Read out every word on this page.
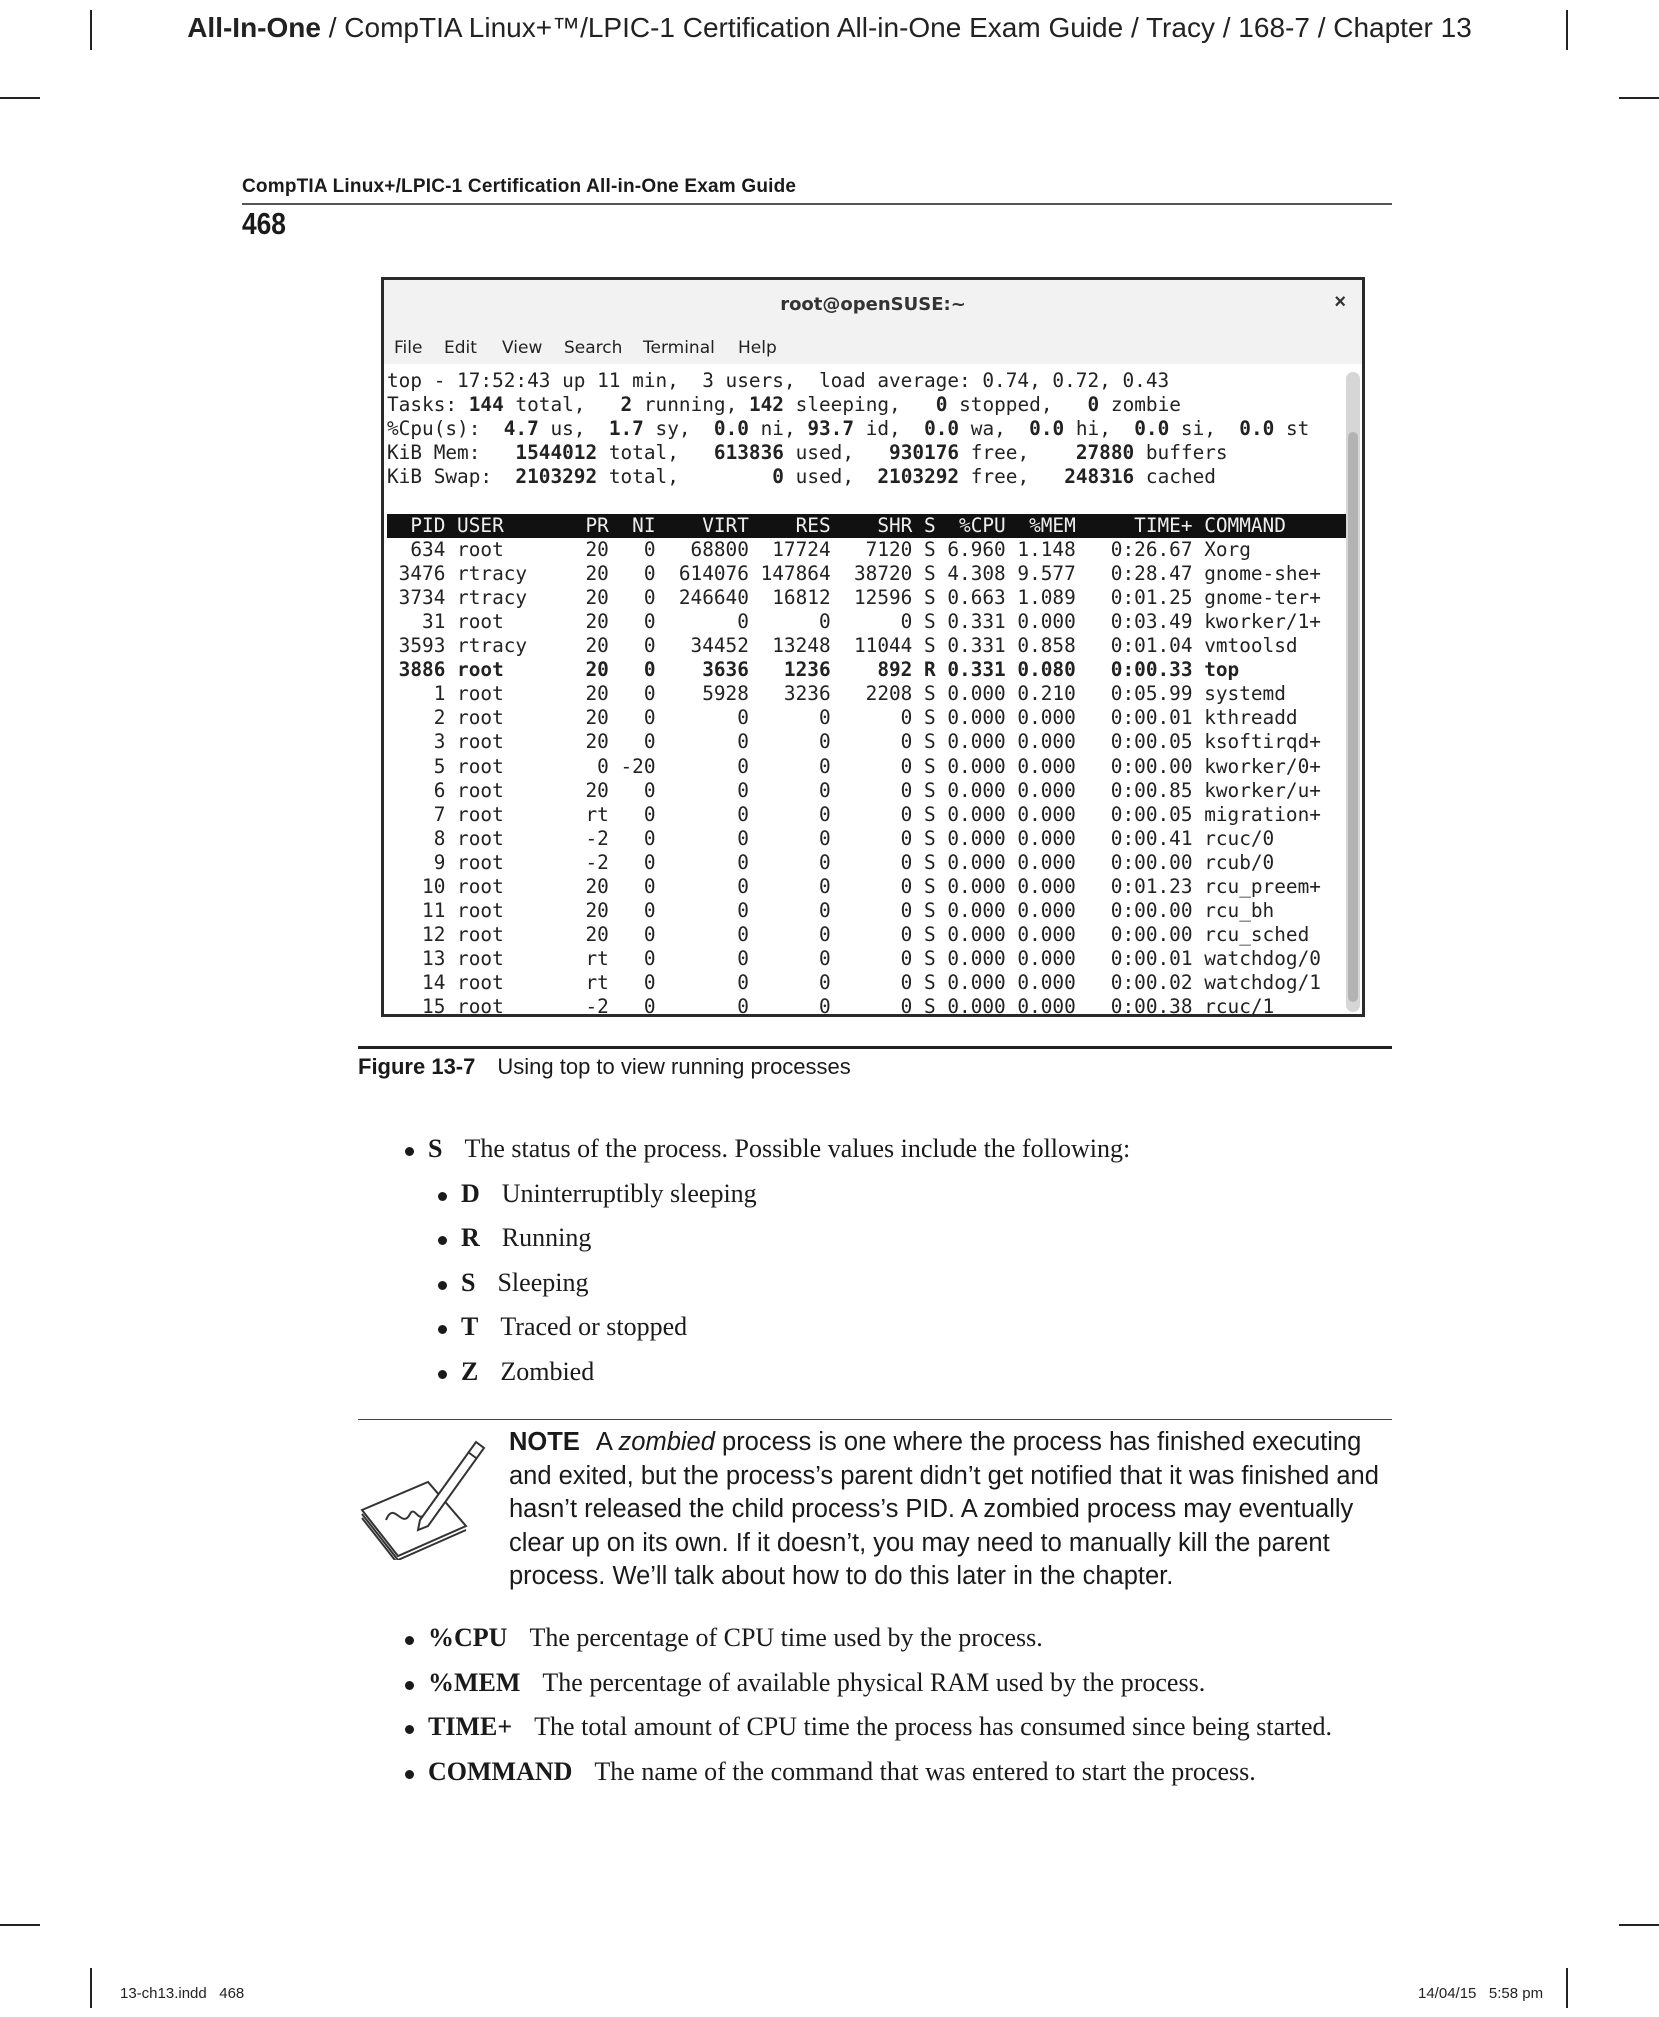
All-In-One / CompTIA Linux+™/LPIC-1 Certification All-in-One Exam Guide / Tracy / 168-7 / Chapter 13
CompTIA Linux+/LPIC-1 Certification All-in-One Exam Guide
468
root@openSUSE:~	×
File Edit View Search Terminal Help
top - 17:52:43 up 11 min,  3 users,  load average: 0.74, 0.72, 0.43
Tasks: 144 total,   2 running, 142 sleeping,   0 stopped,   0 zombie
%Cpu(s):  4.7 us,  1.7 sy,  0.0 ni, 93.7 id,  0.0 wa,  0.0 hi,  0.0 si,  0.0 st
KiB Mem:   1544012 total,   613836 used,   930176 free,    27880 buffers
KiB Swap:  2103292 total,        0 used,  2103292 free,   248316 cached
PID USER       PR  NI    VIRT    RES    SHR S  %CPU  %MEM     TIME+ COMMAND
634 root       20   0   68800  17724   7120 S 6.960 1.148   0:26.67 Xorg
3476 rtracy     20   0  614076 147864  38720 S 4.308 9.577   0:28.47 gnome-she+
3734 rtracy     20   0  246640  16812  12596 S 0.663 1.089   0:01.25 gnome-ter+
31 root       20   0       0      0      0 S 0.331 0.000   0:03.49 kworker/1+
3593 rtracy     20   0   34452  13248  11044 S 0.331 0.858   0:01.04 vmtoolsd
3886 root       20   0    3636   1236    892 R 0.331 0.080   0:00.33 top
1 root       20   0    5928   3236   2208 S 0.000 0.210   0:05.99 systemd
2 root       20   0       0      0      0 S 0.000 0.000   0:00.01 kthreadd
3 root       20   0       0      0      0 S 0.000 0.000   0:00.05 ksoftirqd+
5 root        0 -20       0      0      0 S 0.000 0.000   0:00.00 kworker/0+
6 root       20   0       0      0      0 S 0.000 0.000   0:00.85 kworker/u+
7 root       rt   0       0      0      0 S 0.000 0.000   0:00.05 migration+
8 root       -2   0       0      0      0 S 0.000 0.000   0:00.41 rcuc/0
9 root       -2   0       0      0      0 S 0.000 0.000   0:00.00 rcub/0
10 root       20   0       0      0      0 S 0.000 0.000   0:01.23 rcu_preem+
11 root       20   0       0      0      0 S 0.000 0.000   0:00.00 rcu_bh
12 root       20   0       0      0      0 S 0.000 0.000   0:00.00 rcu_sched
13 root       rt   0       0      0      0 S 0.000 0.000   0:00.01 watchdog/0
14 root       rt   0       0      0      0 S 0.000 0.000   0:00.02 watchdog/1
15 root       -2   0       0      0      0 S 0.000 0.000   0:00.38 rcuc/1
Figure 13-7 Using top to view running processes
S The status of the process. Possible values include the following:
D Uninterruptibly sleeping
R Running
S Sleeping
T Traced or stopped
Z Zombied
NOTE A zombied process is one where the process has finished executing and exited, but the process’s parent didn’t get notified that it was finished and hasn’t released the child process’s PID. A zombied process may eventually clear up on its own. If it doesn’t, you may need to manually kill the parent process. We’ll talk about how to do this later in the chapter.
%CPU The percentage of CPU time used by the process.
%MEM The percentage of available physical RAM used by the process.
TIME+ The total amount of CPU time the process has consumed since being started.
COMMAND The name of the command that was entered to start the process.
13-ch13.indd   468	14/04/15   5:58 pm
